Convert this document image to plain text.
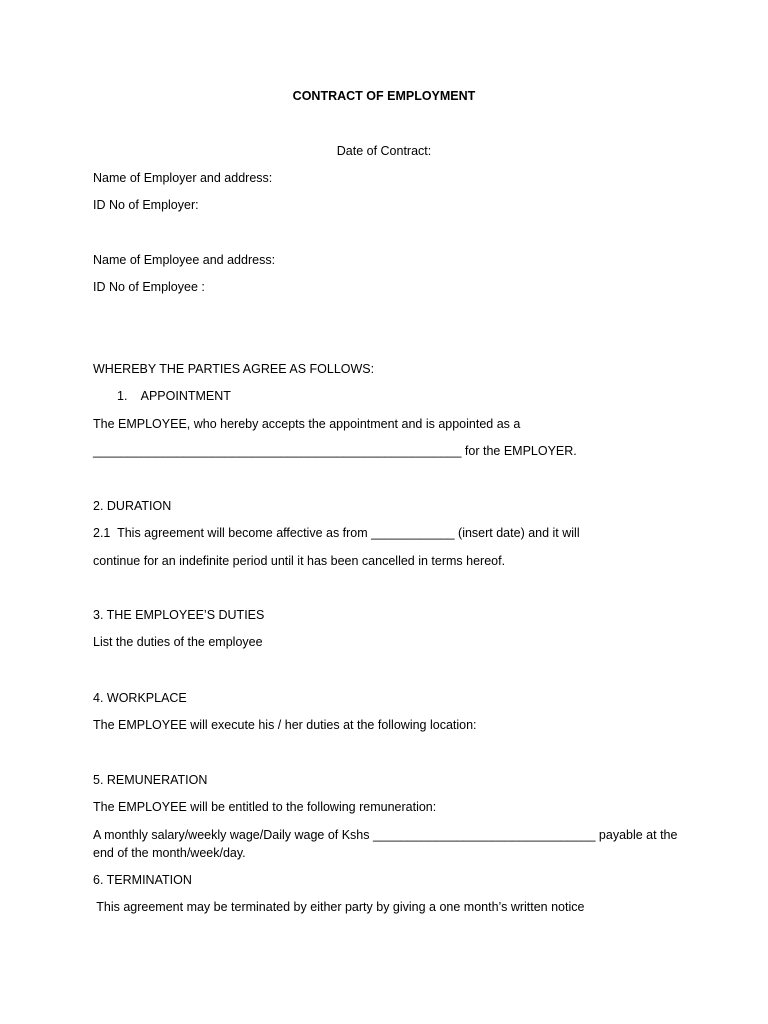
CONTRACT OF EMPLOYMENT
Date of Contract:
Name of Employer and address:
ID No of Employer:
Name of Employee and address:
ID No of Employee :
WHEREBY THE PARTIES AGREE AS FOLLOWS:
1.    APPOINTMENT
The EMPLOYEE, who hereby accepts the appointment and is appointed as a
_____________________________________________________ for the EMPLOYER.
2. DURATION
2.1  This agreement will become affective as from ____________ (insert date) and it will
continue for an indefinite period until it has been cancelled in terms hereof.
3. THE EMPLOYEE’S DUTIES
List the duties of the employee
4. WORKPLACE
The EMPLOYEE will execute his / her duties at the following location:
5. REMUNERATION
The EMPLOYEE will be entitled to the following remuneration:
A monthly salary/weekly wage/Daily wage of Kshs ________________________________ payable at the end of the month/week/day.
6. TERMINATION
This agreement may be terminated by either party by giving a one month’s written notice
